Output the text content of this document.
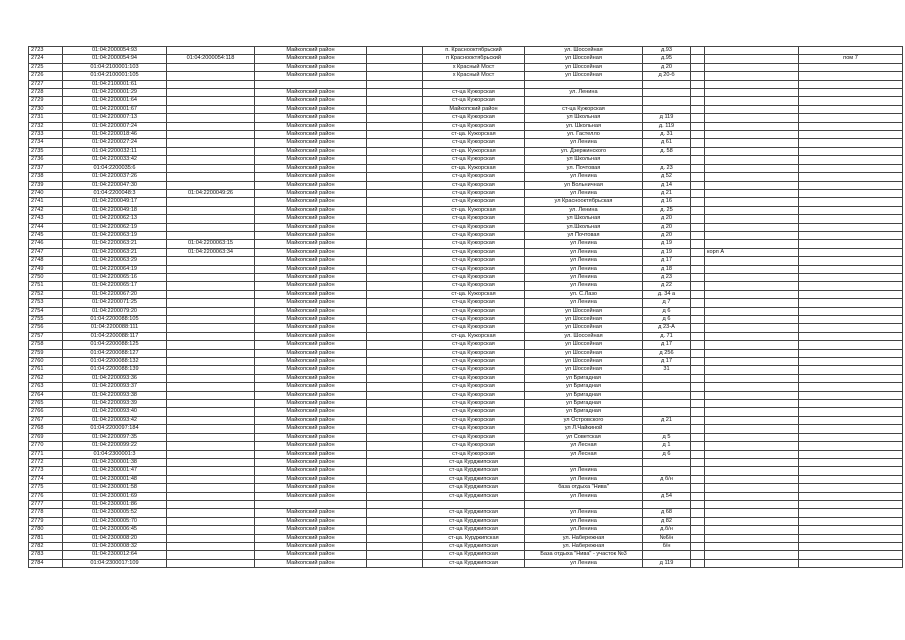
2723	01:04:2000054:93		Майкопский район		п. Краснооктябрьский	ул. Шоссейная	д.93			
2724	01:04:2000054:94	01:04:2000054:118	Майкопский район		п Краснооктябрьский	ул Шоссейная	д.95			пом 7
2725	01:04:2100001:103		Майкопский район		х Красный Мост	ул Шоссейная	д 20			
2726	01:04:2100001:105		Майкопский район		х Красный Мост	ул Шоссейная	д 20-б			
2727	01:04:2100001:61									
2728	01:04:2200001:29		Майкопский район		ст-ца Кужорская	ул. Ленина				
2729	01:04:2200001:64		Майкопский район		ст-ца Кужорская					
2730	01:04:2200001:67		Майкопский район		Майкопский район	ст-ца Кужорская				
2731	01:04:2200007:13		Майкопский район		ст-ца Кужорская	ул Школьная	д 119			
2732	01:04:2200007:24		Майкопский район		ст-ца Кужорская	ул. Школьная	д. 119			
2733	01:04:2200018:46		Майкопский район		ст-ца. Кужорская	ул. Гастелло	д. 31			
2734	01:04:2200027:24		Майкопский район		ст-ца Кужорская	ул Ленина	д 61			
2735	01:04:2200032:11		Майкопский район		ст-ца. Кужорская	ул. Дзержинского	д. 58			
2736	01:04:2200033:42		Майкопский район		ст-ца Кужорская	ул Школьная				
2737	01:04:2200035:6		Майкопский район		ст-ца. Кужорская	ул. Почтовая	д. 23			
2738	01:04:2200037:26		Майкопский район		ст-ца Кужорская	ул Ленина	д 52			
2739	01:04:2200047:30		Майкопский район		ст-ца Кужорская	ул Вольничная	д 14			
2740	01:04:2200048:3	01:04:2200049:26	Майкопский район		ст-ца Кужорская	ул Ленина	д 21			
2741	01:04:2200049:17		Майкопский район		ст-ца Кужорская	ул Краснооктябрьская	д 16			
2742	01:04:2200049:18		Майкопский район		ст-ца. Кужорская	ул. Ленина	д. 25			
2743	01:04:2200062:13		Майкопский район		ст-ца Кужорская	ул Школьная	д 20			
2744	01:04:2200062:19		Майкопский район		ст-ца Кужорская	ул.Школьная	д 20			
2745	01:04:2200063:19		Майкопский район		ст-ца Кужорская	ул Почтовая	д 20			
2746	01:04:2200063:21	01:04:2200063:15	Майкопский район		ст-ца Кужорская	ул Ленина	д 19			
2747	01:04:2200063:21	01:04:2200063:34	Майкопский район		ст-ца Кужорская	ул Ленина	д 19		корп А	
2748	01:04:2200063:29		Майкопский район		ст-ца Кужорская	ул Ленина	д 17			
2749	01:04:2200064:19		Майкопский район		ст-ца Кужорская	ул Ленина	д 18			
2750	01:04:2200065:16		Майкопский район		ст-ца Кужорская	ул Ленина	д 23			
2751	01:04:2200065:17		Майкопский район		ст-ца Кужорская	ул Ленина	д 22			
2752	01:04:2200067:20		Майкопский район		ст-ца. Кужорская	ул. С.Лазо	д. 34 а			
2753	01:04:2200071:25		Майкопский район		ст-ца Кужорская	ул Ленина	д 7			
2754	01:04:2200079:20		Майкопский район		ст-ца Кужорская	ул Шоссейная	д 6			
2755	01:04:2200088:105		Майкопский район		ст-ца Кужорская	ул Шоссейная	д 6			
2756	01:04:2200088:111		Майкопский район		ст-ца Кужорская	ул Шоссейная	д 23-А			
2757	01:04:2200088:117		Майкопский район		ст-ца. Кужорская	ул. Шоссейная	д. 71			
2758	01:04:2200088:125		Майкопский район		ст-ца Кужорская	ул Шоссейная	д 17			
2759	01:04:2200088:127		Майкопский район		ст-ца Кужорская	ул Шоссейная	д 256			
2760	01:04:2200088:132		Майкопский район		ст-ца Кужорская	ул Шоссейная	д 17			
2761	01:04:2200088:139		Майкопский район		ст-ца Кужорская	ул Шоссейная	31			
2762	01:04:2200093:36		Майкопский район		ст-ца Кужорская	ул Бригадная				
2763	01:04:2200093:37		Майкопский район		ст-ца Кужорская	ул Бригадная				
2764	01:04:2200093:38		Майкопский район		ст-ца Кужорская	ул Бригадная				
2765	01:04:2200093:39		Майкопский район		ст-ца Кужорская	ул Бригадная				
2766	01:04:2200093:40		Майкопский район		ст-ца Кужорская	ул Бригадная				
2767	01:04:2200093:42		Майкопский район		ст-ца Кужорская	ул Островского	д 21			
2768	01:04:2200097:184		Майкопский район		ст-ца Кужорская	ул Л.Чайкиной				
2769	01:04:2200097:35		Майкопский район		ст-ца Кужорская	ул Советская	д 5			
2770	01:04:2200099:22		Майкопский район		ст-ца Кужорская	ул Лесная	д 1			
2771	01:04:2300001:3		Майкопский район		ст-ца Кужорская	ул Лесная	д 6			
2772	01:04:2300001:38		Майкопский район		ст-ца Курджипская					
2773	01:04:2300001:47		Майкопский район		ст-ца Курджипская	ул Ленина				
2774	01:04:2300001:48		Майкопский район		ст-ца Курджипская	ул Ленина	д б/н			
2775	01:04:2300001:58		Майкопский район		ст-ца Курджипская	база отдыха "Нива"				
2776	01:04:2300001:69		Майкопский район		ст-ца Курджипская	ул Ленина	д 54			
2777	01:04:2300001:86									
2778	01:04:2300005:52		Майкопский район		ст-ца Курджипская	ул Ленина	д 68			
2779	01:04:2300005:70		Майкопский район		ст-ца Курджипская	ул Ленина	д 82			
2780	01:04:2300006:45		Майкопский район		ст-ца Курджипская	ул.Ленина	д.б/н			
2781	01:04:2300008:20		Майкопский район		ст-ца. Курджипская	ул. Набережная	№6/н			
2782	01:04:2300008:32		Майкопский район		ст-ца Курджипская	ул. Набережная	б/н			
2783	01:04:2300012:64		Майкопский район		ст-ца Курджипская	База отдыха "Нива" - участок №3				
2784	01:04:2300017:109		Майкопский район		ст-ца Курджипская	ул Ленина	д 119			
